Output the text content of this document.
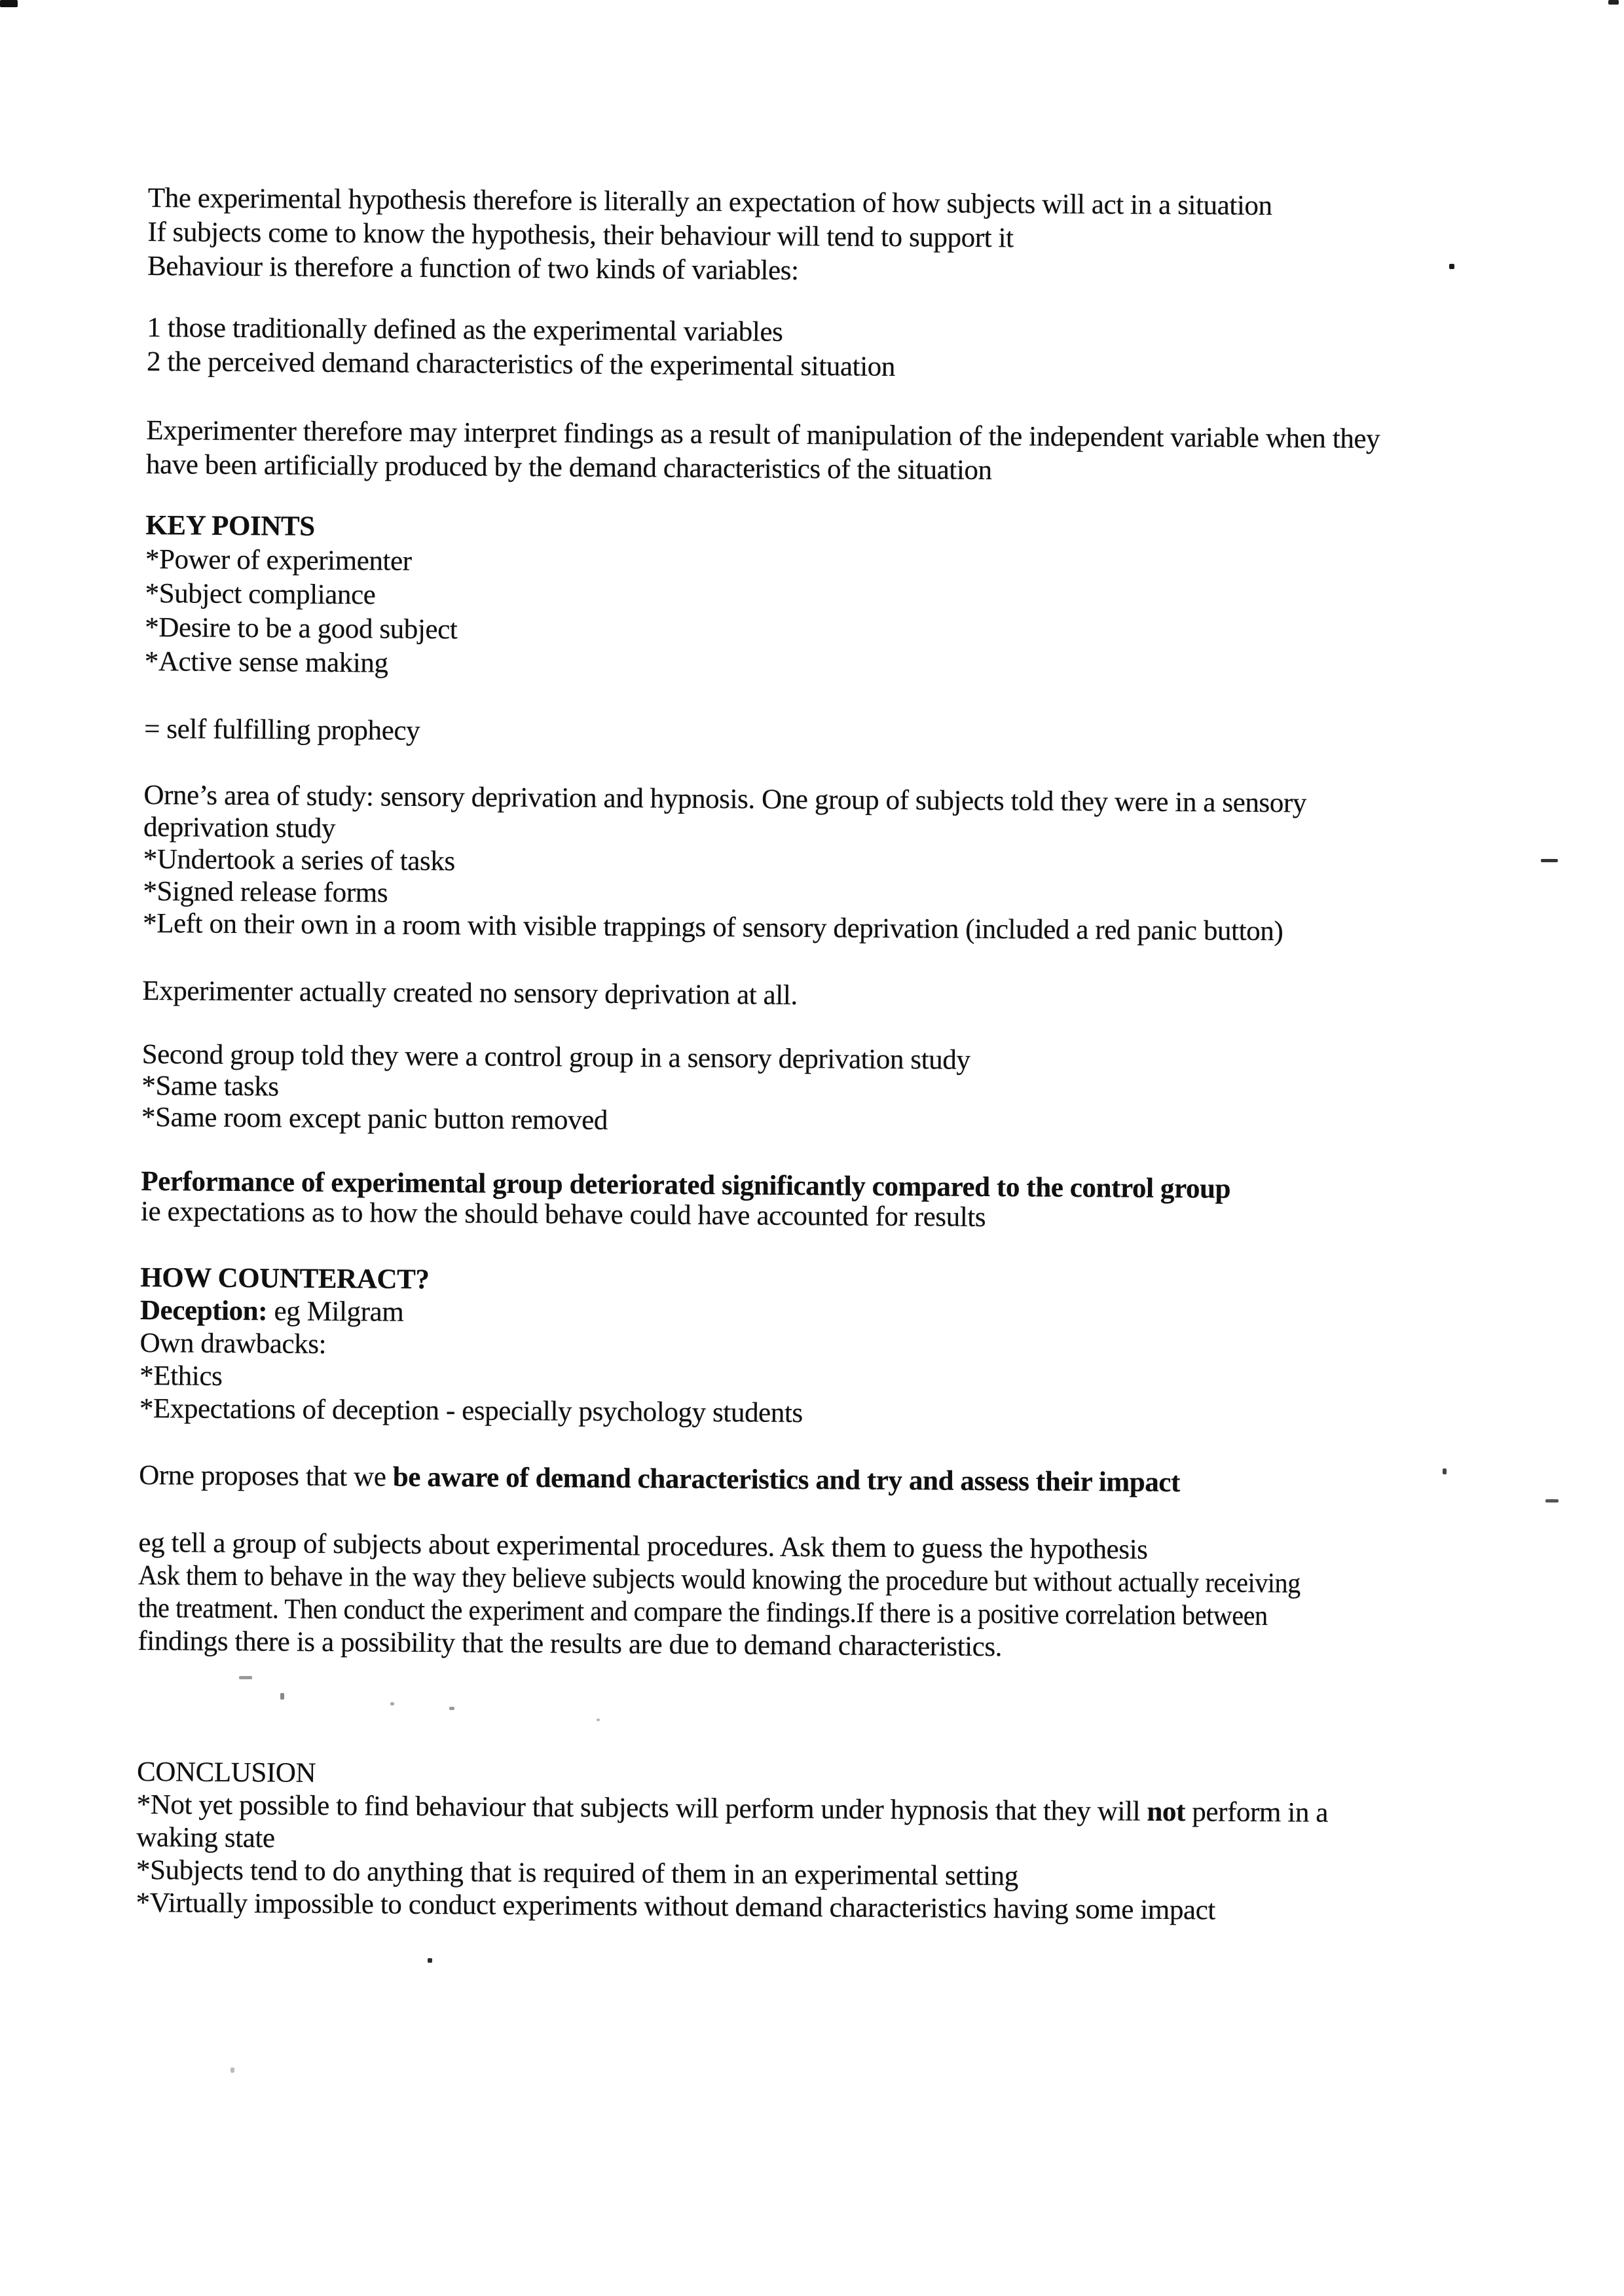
The experimental hypothesis therefore is literally an expectation of how subjects will act in a situation
If subjects come to know the hypothesis, their behaviour will tend to support it
Behaviour is therefore a function of two kinds of variables:
1 those traditionally defined as the experimental variables
2 the perceived demand characteristics of the experimental situation
Experimenter therefore may interpret findings as a result of manipulation of the independent variable when they
have been artificially produced by the demand characteristics of the situation
KEY POINTS
*Power of experimenter
*Subject compliance
*Desire to be a good subject
*Active sense making
= self fulfilling prophecy
Orne’s area of study: sensory deprivation and hypnosis. One group of subjects told they were in a sensory
deprivation study
*Undertook a series of tasks
*Signed release forms
*Left on their own in a room with visible trappings of sensory deprivation (included a red panic button)
Experimenter actually created no sensory deprivation at all.
Second group told they were a control group in a sensory deprivation study
*Same tasks
*Same room except panic button removed
Performance of experimental group deteriorated significantly compared to the control group
ie expectations as to how the should behave could have accounted for results
HOW COUNTERACT?
Deception: eg Milgram
Own drawbacks:
*Ethics
*Expectations of deception - especially psychology students
Orne proposes that we be aware of demand characteristics and try and assess their impact
eg tell a group of subjects about experimental procedures. Ask them to guess the hypothesis
Ask them to behave in the way they believe subjects would knowing the procedure but without actually receiving
the treatment. Then conduct the experiment and compare the findings.If there is a positive correlation between
findings there is a possibility that the results are due to demand characteristics.
CONCLUSION
*Not yet possible to find behaviour that subjects will perform under hypnosis that they will not perform in a
waking state
*Subjects tend to do anything that is required of them in an experimental setting
*Virtually impossible to conduct experiments without demand characteristics having some impact
